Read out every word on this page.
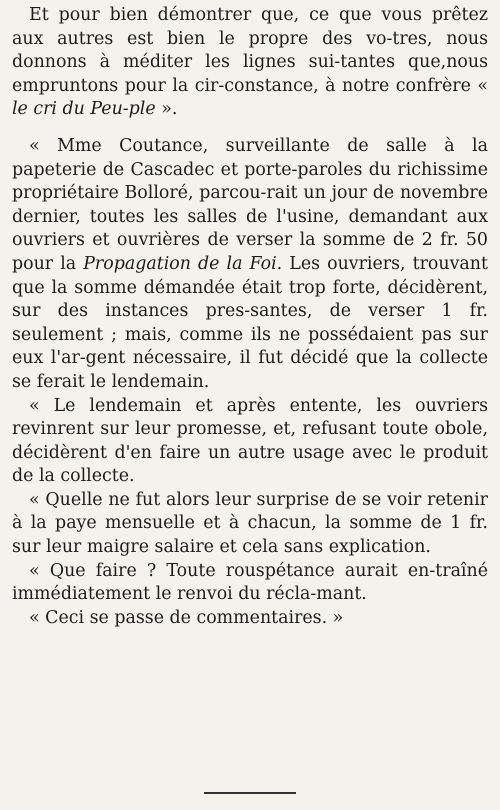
Et pour bien démontrer que, ce que vous prêtez aux autres est bien le propre des vo-tres, nous donnons à méditer les lignes sui-tantes que,nous empruntons pour la cir-constance, à notre confrère « le cri du Peu-ple ».

« Mme Coutance, surveillante de salle à la papeterie de Cascadec et porte-paroles du richissime propriétaire Bolloré, parcou-rait un jour de novembre dernier, toutes les salles de l'usine, demandant aux ouvriers et ouvrières de verser la somme de 2 fr. 50 pour la Propagation de la Foi. Les ouvriers, trouvant que la somme démandée était trop forte, décidèrent, sur des instances pres-santes, de verser 1 fr. seulement ; mais, comme ils ne possédaient pas sur eux l'ar-gent nécessaire, il fut décidé que la collecte se ferait le lendemain.

« Le lendemain et après entente, les ouvriers revinrent sur leur promesse, et, refusant toute obole, décidèrent d'en faire un autre usage avec le produit de la collecte.

« Quelle ne fut alors leur surprise de se voir retenir à la paye mensuelle et à chacun, la somme de 1 fr. sur leur maigre salaire et cela sans explication.

« Que faire ? Toute rouspétance aurait en-traîné immédiatement le renvoi du récla-mant.

« Ceci se passe de commentaires. »
